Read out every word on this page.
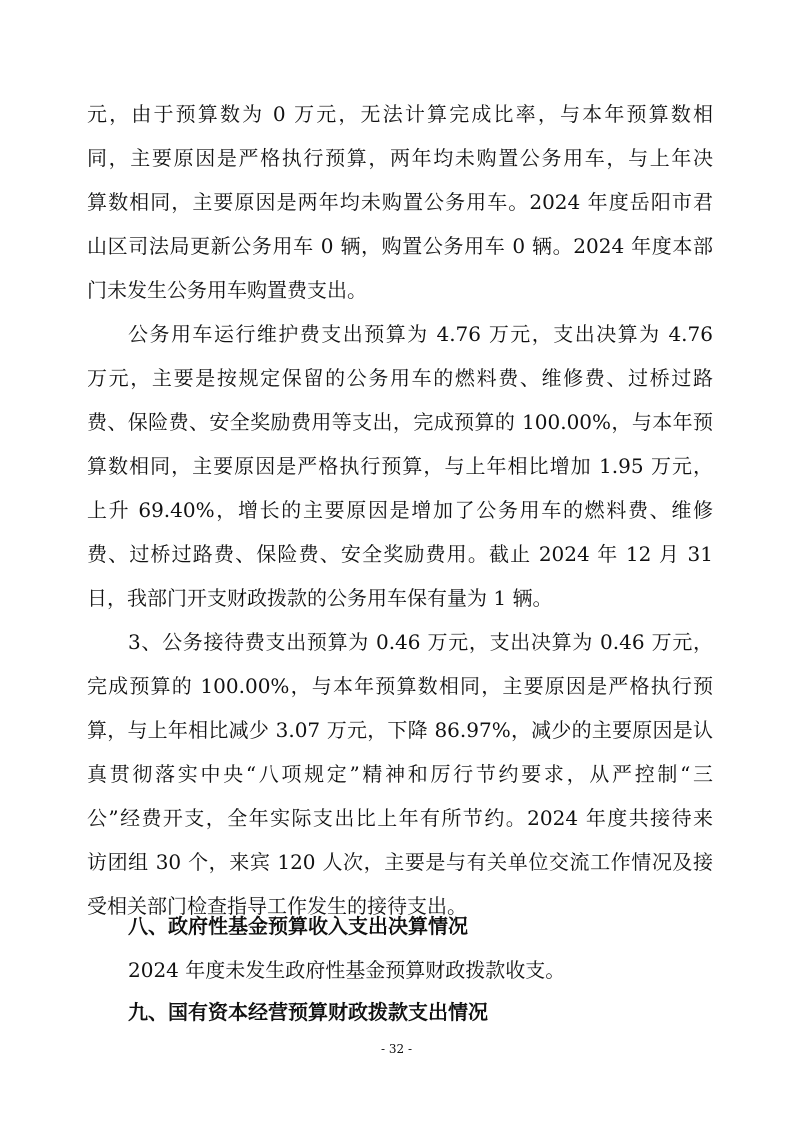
元，由于预算数为 0 万元，无法计算完成比率，与本年预算数相
同，主要原因是严格执行预算，两年均未购置公务用车，与上年决
算数相同，主要原因是两年均未购置公务用车。2024 年度岳阳市君
山区司法局更新公务用车 0 辆，购置公务用车 0 辆。2024 年度本部
门未发生公务用车购置费支出。
公务用车运行维护费支出预算为 4.76 万元，支出决算为 4.76
万元，主要是按规定保留的公务用车的燃料费、维修费、过桥过路
费、保险费、安全奖励费用等支出，完成预算的 100.00%，与本年预
算数相同，主要原因是严格执行预算，与上年相比增加 1.95 万元，
上升 69.40%，增长的主要原因是增加了公务用车的燃料费、维修
费、过桥过路费、保险费、安全奖励费用。截止 2024 年 12 月 31
日，我部门开支财政拨款的公务用车保有量为 1 辆。
3、公务接待费支出预算为 0.46 万元，支出决算为 0.46 万元，
完成预算的 100.00%，与本年预算数相同，主要原因是严格执行预
算，与上年相比减少 3.07 万元，下降 86.97%，减少的主要原因是认
真贯彻落实中央“八项规定”精神和厉行节约要求，从严控制“三
公”经费开支，全年实际支出比上年有所节约。2024 年度共接待来
访团组 30 个，来宾 120 人次，主要是与有关单位交流工作情况及接
受相关部门检查指导工作发生的接待支出。
八、政府性基金预算收入支出决算情况
2024 年度未发生政府性基金预算财政拨款收支。
九、国有资本经营预算财政拨款支出情况
- 32 -
